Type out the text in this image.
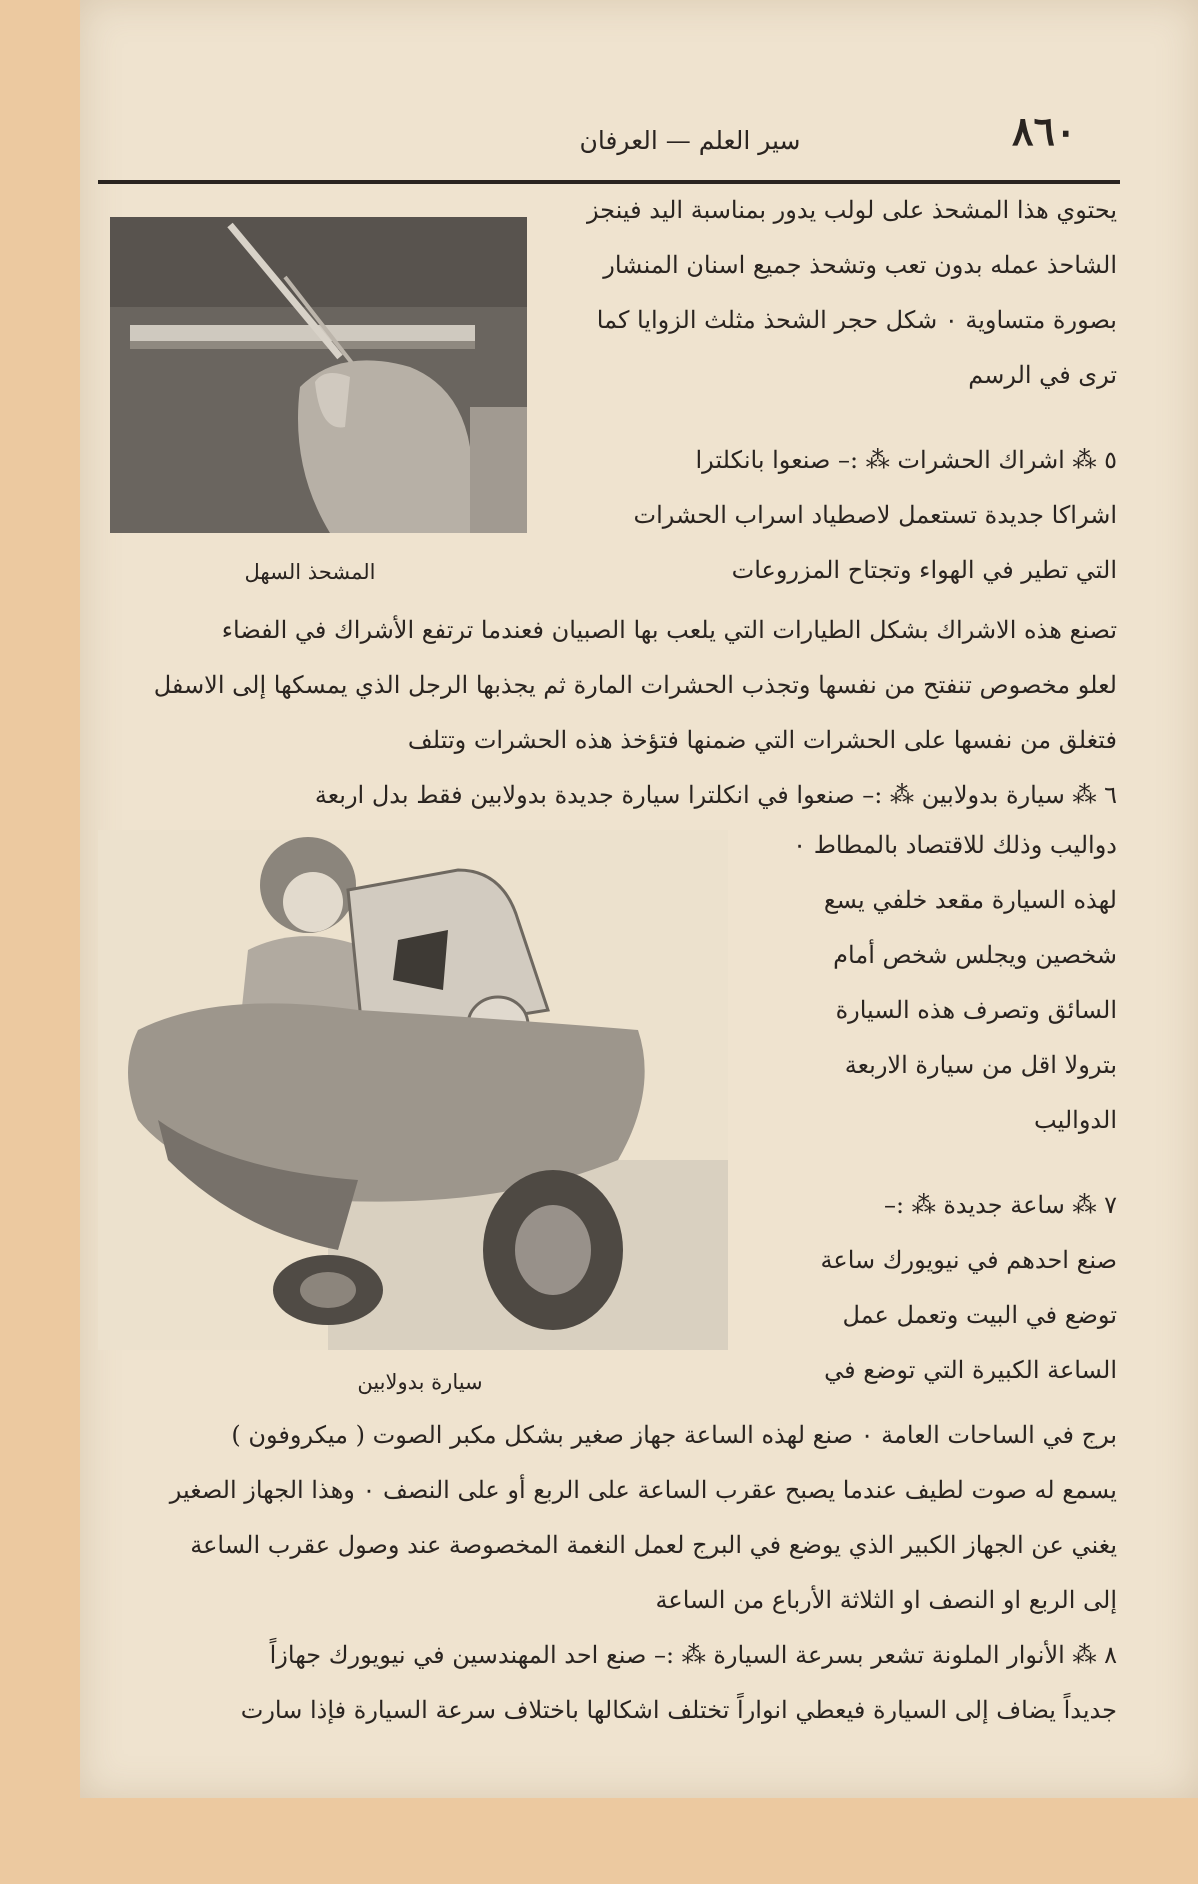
٨٦٠
سير العلم — العرفان
المشحذ السهل
يحتوي هذا المشحذ على لولب يدور بمناسبة اليد فينجز
الشاحذ عمله بدون تعب وتشحذ جميع اسنان المنشار
بصورة متساوية ٠ شكل حجر الشحذ مثلث الزوايا كما
ترى في الرسم
٥ ⁂ اشراك الحشرات ⁂ :– صنعوا بانكلترا
اشراكا جديدة تستعمل لاصطياد اسراب الحشرات
التي تطير في الهواء وتجتاح المزروعات
تصنع هذه الاشراك بشكل الطيارات التي يلعب بها الصبيان فعندما ترتفع الأشراك في الفضاء
لعلو مخصوص تنفتح من نفسها وتجذب الحشرات المارة ثم يجذبها الرجل الذي يمسكها إلى الاسفل
فتغلق من نفسها على الحشرات التي ضمنها فتؤخذ هذه الحشرات وتتلف
٦ ⁂ سيارة بدولابين ⁂ :– صنعوا في انكلترا سيارة جديدة بدولابين فقط بدل اربعة
دواليب وذلك للاقتصاد بالمطاط ٠
سيارة بدولابين
لهذه السيارة مقعد خلفي يسع
شخصين ويجلس شخص أمام
السائق وتصرف هذه السيارة
بترولا اقل من سيارة الاربعة
الدواليب
٧ ⁂ ساعة جديدة ⁂ :–
صنع احدهم في نيويورك ساعة
توضع في البيت وتعمل عمل
الساعة الكبيرة التي توضع في
برج في الساحات العامة ٠ صنع لهذه الساعة جهاز صغير بشكل مكبر الصوت ( ميكروفون )
يسمع له صوت لطيف عندما يصبح عقرب الساعة على الربع أو على النصف ٠ وهذا الجهاز الصغير
يغني عن الجهاز الكبير الذي يوضع في البرج لعمل النغمة المخصوصة عند وصول عقرب الساعة
إلى الربع او النصف او الثلاثة الأرباع من الساعة
٨ ⁂ الأنوار الملونة تشعر بسرعة السيارة ⁂ :– صنع احد المهندسين في نيويورك جهازاً
جديداً يضاف إلى السيارة فيعطي انواراً تختلف اشكالها باختلاف سرعة السيارة فإذا سارت
